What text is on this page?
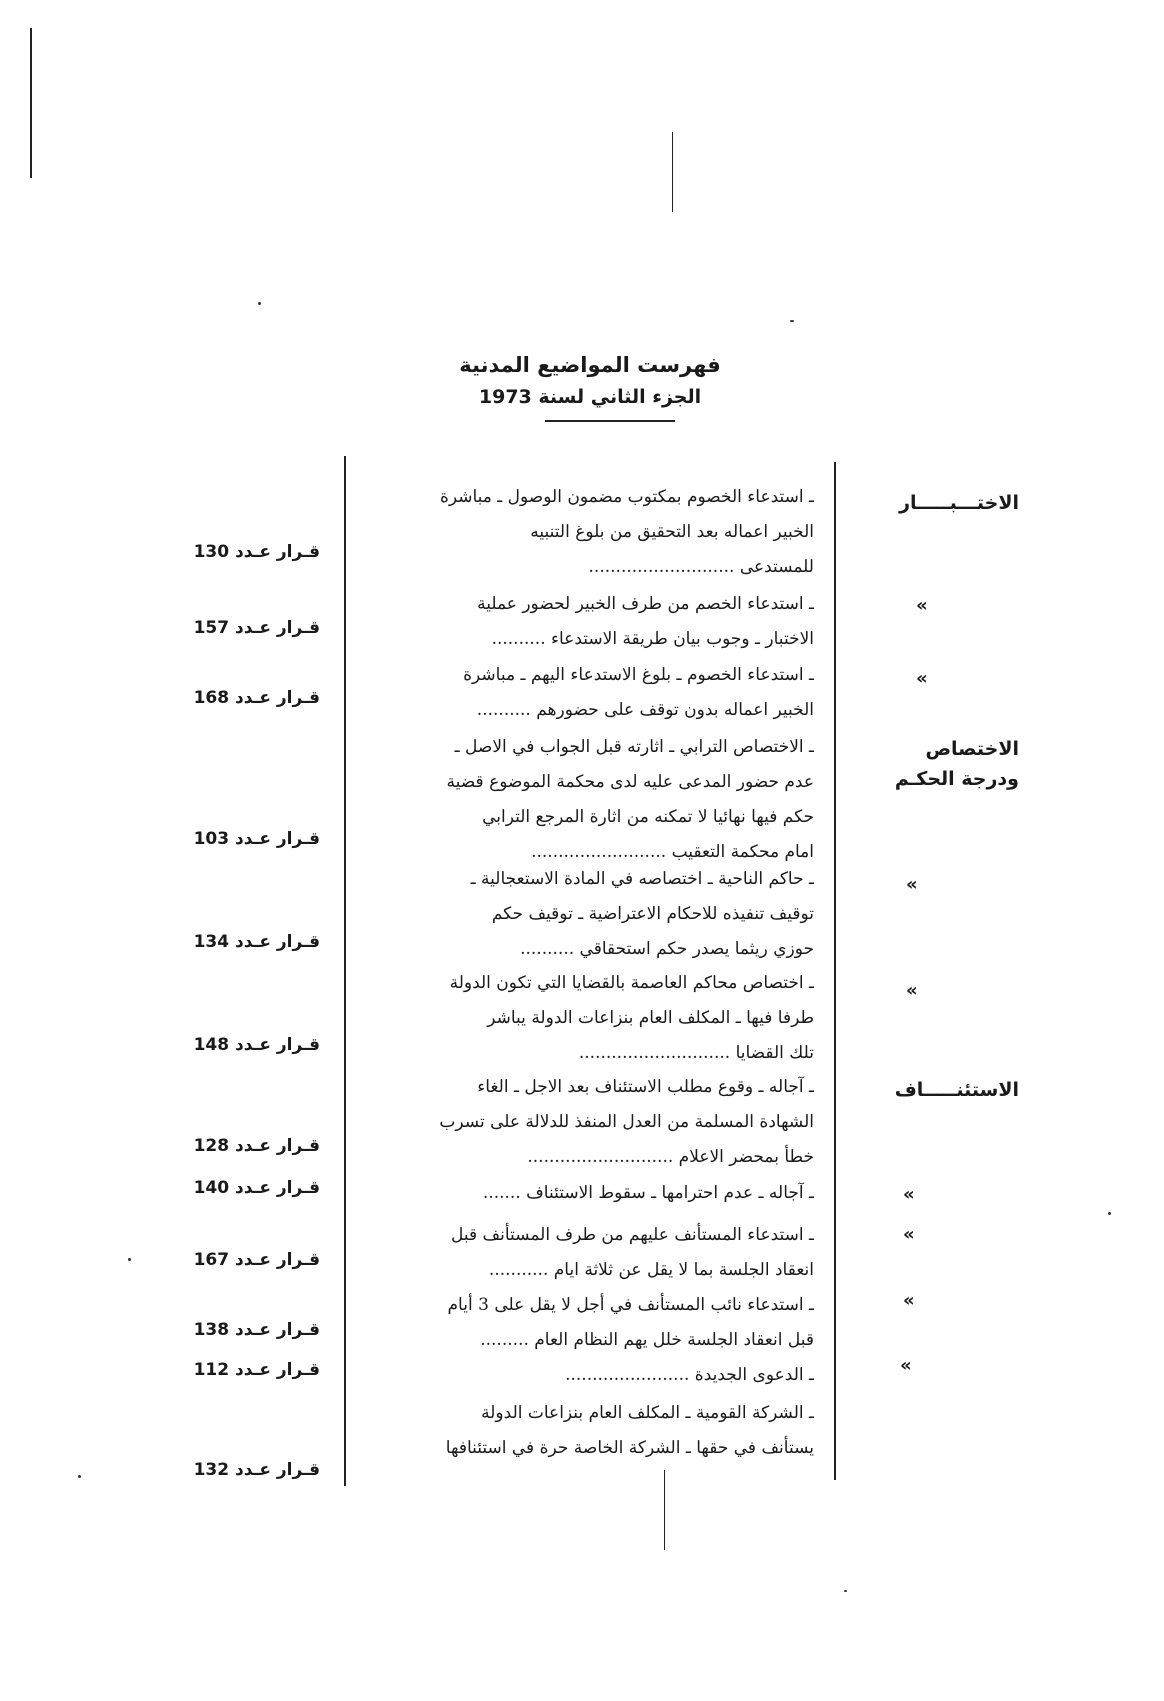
فهرست المواضيع المدنية
الجزء الثاني لسنة 1973
الاختـــبـــــار
ـ استدعاء الخصوم بمكتوب مضمون الوصول ـ مباشرة
الخبير اعماله بعد التحقيق من بلوغ التنبيه
للمستدعى ...........................
قـرار عـدد 130
»
ـ استدعاء الخصم من طرف الخبير لحضور عملية
الاختبار ـ وجوب بيان طريقة الاستدعاء ..........
قـرار عـدد 157
»
ـ استدعاء الخصوم ـ بلوغ الاستدعاء اليهم ـ مباشرة
الخبير اعماله بدون توقف على حضورهم ..........
قـرار عـدد 168
الاختصاص ودرجة الحكـم
ـ الاختصاص الترابي ـ اثارته قبل الجواب في الاصل ـ
عدم حضور المدعى عليه لدى محكمة الموضوع قضية
حكم فيها نهائيا لا تمكنه من اثارة المرجع الترابي
امام محكمة التعقيب .........................
قـرار عـدد 103
»
ـ حاكم الناحية ـ اختصاصه في المادة الاستعجالية ـ
توقيف تنفيذه للاحكام الاعتراضية ـ توقيف حكم
حوزي ريثما يصدر حكم استحقاقي ..........
قـرار عـدد 134
»
ـ اختصاص محاكم العاصمة بالقضايا التي تكون الدولة
طرفا فيها ـ المكلف العام بنزاعات الدولة يباشر
تلك القضايا ............................
قـرار عـدد 148
الاستئنـــــاف
ـ آجاله ـ وقوع مطلب الاستئناف بعد الاجل ـ الغاء
الشهادة المسلمة من العدل المنفذ للدلالة على تسرب
خطأ بمحضر الاعلام ...........................
قـرار عـدد 128
»
ـ آجاله ـ عدم احترامها ـ سقوط الاستئناف .......
قـرار عـدد 140
»
ـ استدعاء المستأنف عليهم من طرف المستأنف قبل
انعقاد الجلسة بما لا يقل عن ثلاثة ايام ...........
قـرار عـدد 167
»
ـ استدعاء نائب المستأنف في أجل لا يقل على 3 أيام
قبل انعقاد الجلسة خلل يهم النظام العام .........
قـرار عـدد 138
»
ـ الدعوى الجديدة .......................
قـرار عـدد 112
ـ الشركة القومية ـ المكلف العام بنزاعات الدولة
يستأنف في حقها ـ الشركة الخاصة حرة في استئنافها
قـرار عـدد 132
